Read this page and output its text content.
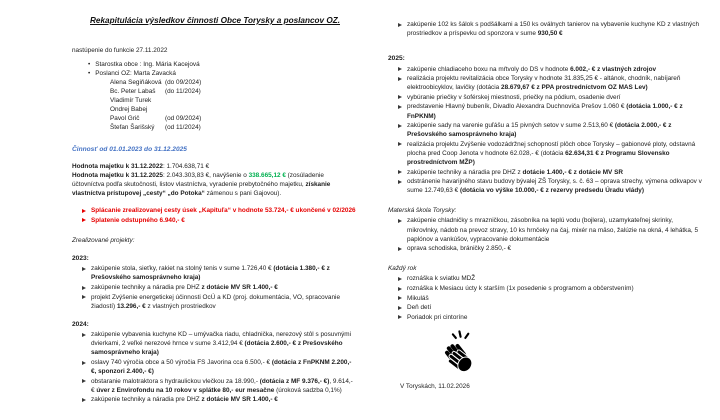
Rekapitulácia výsledkov činnosti Obce Torysky a poslancov OZ.
nastúpenie do funkcie 27.11.2022
• Starostka obce : Ing. Mária Kacejová
• Poslanci OZ: Marta Zavacká
Alena Segiňáková (do 09/2024)
Bc. Peter Labaš	(do 11/2024)
Vladimír Turek
Ondrej Babej
Pavol Grič	(od 09/2024)
Štefan Šarišský	(od 11/2024)
Činnosť od 01.01.2023 do 31.12.2025

Hodnota majetku k 31.12.2022: 1.704.638,71 €

Hodnota majetku k 31.12.2025: 2.043.303,83 €, navýšenie o 338.665,12 € (zosúladenie účtovníctva podľa skutočnosti, listov vlastníctva, vyradenie prebytočného majetku, získanie vlastníctva prístupovej „cesty“ „do Potoka“ zámenou s pani Gajovou).

Splácanie zrealizovanej cesty úsek „Kapituľa“ v hodnote 53.724,- € ukončené v 02/2026
Splatenie odstupného 6.940,- €
Zrealizované projekty:
2023:
zakúpenie stola, sieťky, rakiet na stolný tenis v sume 1.726,40 € (dotácia 1.380,- € z Prešovského samosprávneho kraja)
zakúpenie techniky a náradia pre DHZ z dotácie MV SR 1.400,- €
projekt Zvýšenie energetickej účinnosti OcÚ a KD (proj. dokumentácia, VO, spracovanie žiadostí) 13.296,- € z vlastných prostriedkov
2024:
zakúpenie vybavenia kuchyne KD – umývačka riadu, chladnička, nerezový stôl s posuvnými dvierkami, 2 veľké nerezové hrnce v sume 3.412,94 € (dotácia 2.600,- € z Prešovského samosprávneho kraja)
oslavy 740 výročia obce a 50 výročia FS Javorina cca 6.500,- € (dotácia z FnPKNM 2.200,- €, sponzori 2.400,- €)
obstaranie malotraktora s hydraulickou vlečkou za 18.990,- (dotácia z MF 9.376,- €), 9.614,- € úver z Envirofondu na 10 rokov v splátke 80,- eur mesačne (úroková sadzba 0,1%)
zakúpenie techniky a náradia pre DHZ z dotácie MV SR 1.400,- €
zakúpenie 102 ks šálok s podšálkami a 150 ks oválnych tanierov na vybavenie kuchyne KD z vlastných prostriedkov a príspevku od sponzora v sume 930,50 €
2025:
zakúpenie chladiaceho boxu na mŕtvoly do DS v hodnote 6.002,- € z vlastných zdrojov
realizácia projektu revitalizácia obce Torysky v hodnote 31.835,25 € - altánok, chodník, nabíjareň elektroobicyklov, lavičky (dotácia 28.679,67 € z PPA prostredníctvom OZ MAS Lev)
vybúranie priečky v šoférskej miestnosti, priečky na pódium, osadenie dverí
predstavenie Hlavný bubeník, Divadlo Alexandra Duchnoviča Prešov 1.060 € (dotácia 1.000,- € z FnPKNM)
zakúpenie sady na varenie guľášu a 15 pivných setov v sume 2.513,60 € (dotácia 2.000,- € z Prešovského samosprávneho kraja)
realizácia projektu Zvýšenie vodozádržnej schopností plôch obce Torysky – gabionové ploty, odstavná plocha pred Coop Jenota v hodnote 62.028,- € (dotácia 62.634,31 € z Programu Slovensko prostredníctvom MŽP)
zakúpenie techniky a náradia pre DHZ z dotácie 1.400,- € z dotácie MV SR
odstránenie havarijného stavu budovy bývalej ZŠ Torysky, s. č. 63 – oprava strechy, výmena odkvapov v sume 12.749,63 € (dotácia vo výške 10.000,- € z rezervy predsedu Úradu vlády)
Materská škola Torysky:
zakúpenie chladničky s mrazničkou, zásobníka na teplú vodu (bojlera), uzamykateľnej skrinky, mikrovlnky, nádob na prevoz stravy, 10 ks hrnčeky na čaj, mixér na mäso, žalúzie na okná, 4 lehátka, 5 paplónov a vankúšov, vypracovanie dokumentácie
oprava schodiska, bráničky 2.850,- €
Každý rok
roznáška k sviatku MDŽ
roznáška k Mesiacu úcty k starším (1x posedenie s programom a občerstvením)
Mikuláš
Deň detí
Poriadok pri cintoríne
V Toryskách, 11.02.2026
